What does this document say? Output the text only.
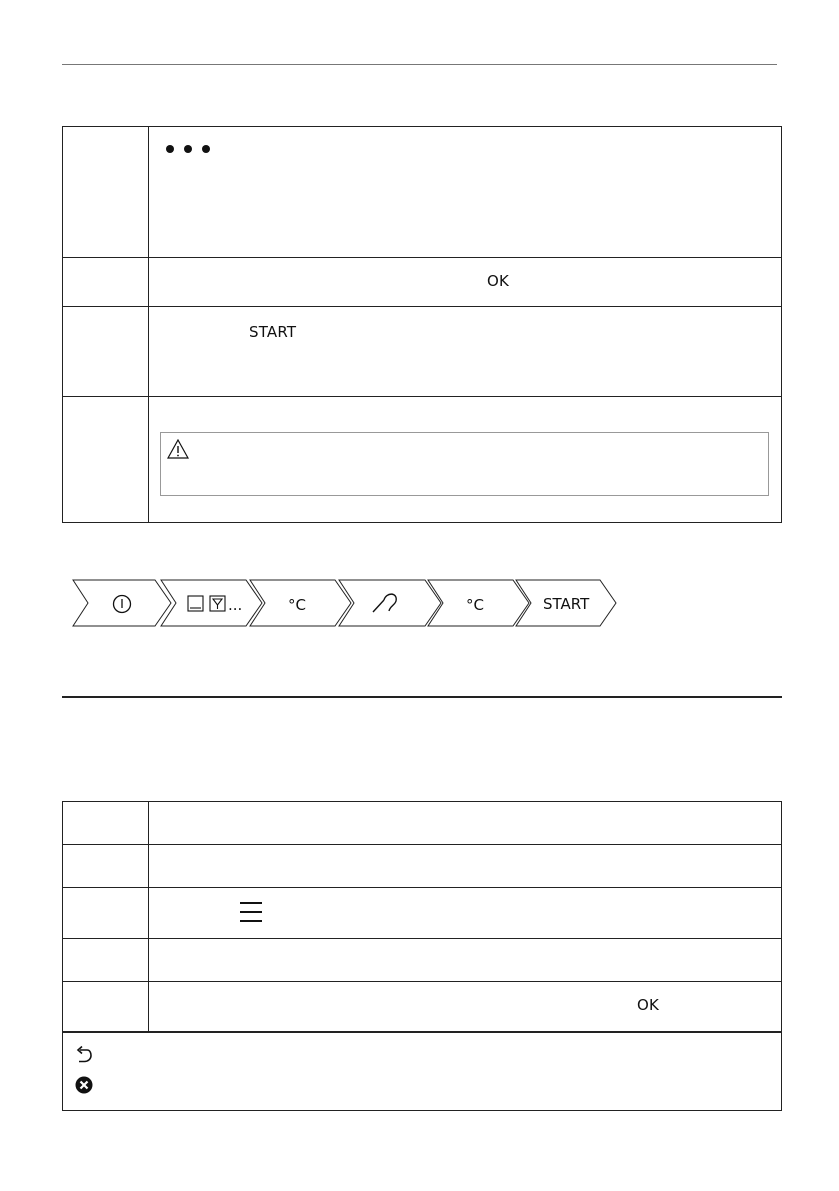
	OK

	START

...	°C	°C	START

	OK
